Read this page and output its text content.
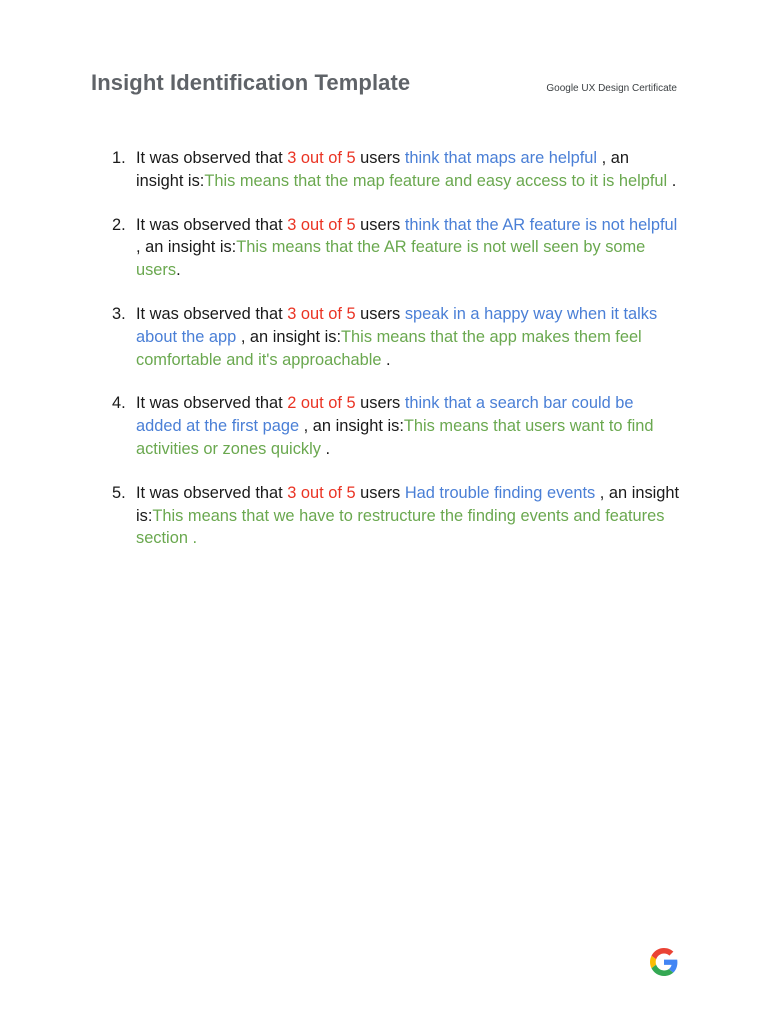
Insight Identification Template	Google UX Design Certificate
1. It was observed that 3 out of 5 users think that maps are helpful , an insight is:This means that the map feature and easy access to it is helpful .
2. It was observed that 3 out of 5 users think that the AR feature is not helpful , an insight is:This means that the AR feature is not well seen by some users.
3. It was observed that 3 out of 5 users speak in a happy way when it talks about the app , an insight is:This means that the app makes them feel comfortable and it's approachable .
4. It was observed that 2 out of 5 users think that a search bar could be added at the first page , an insight is:This means that users want to find activities or zones quickly .
5. It was observed that 3 out of 5 users Had trouble finding events , an insight is:This means that we have to restructure the finding events and features section .
